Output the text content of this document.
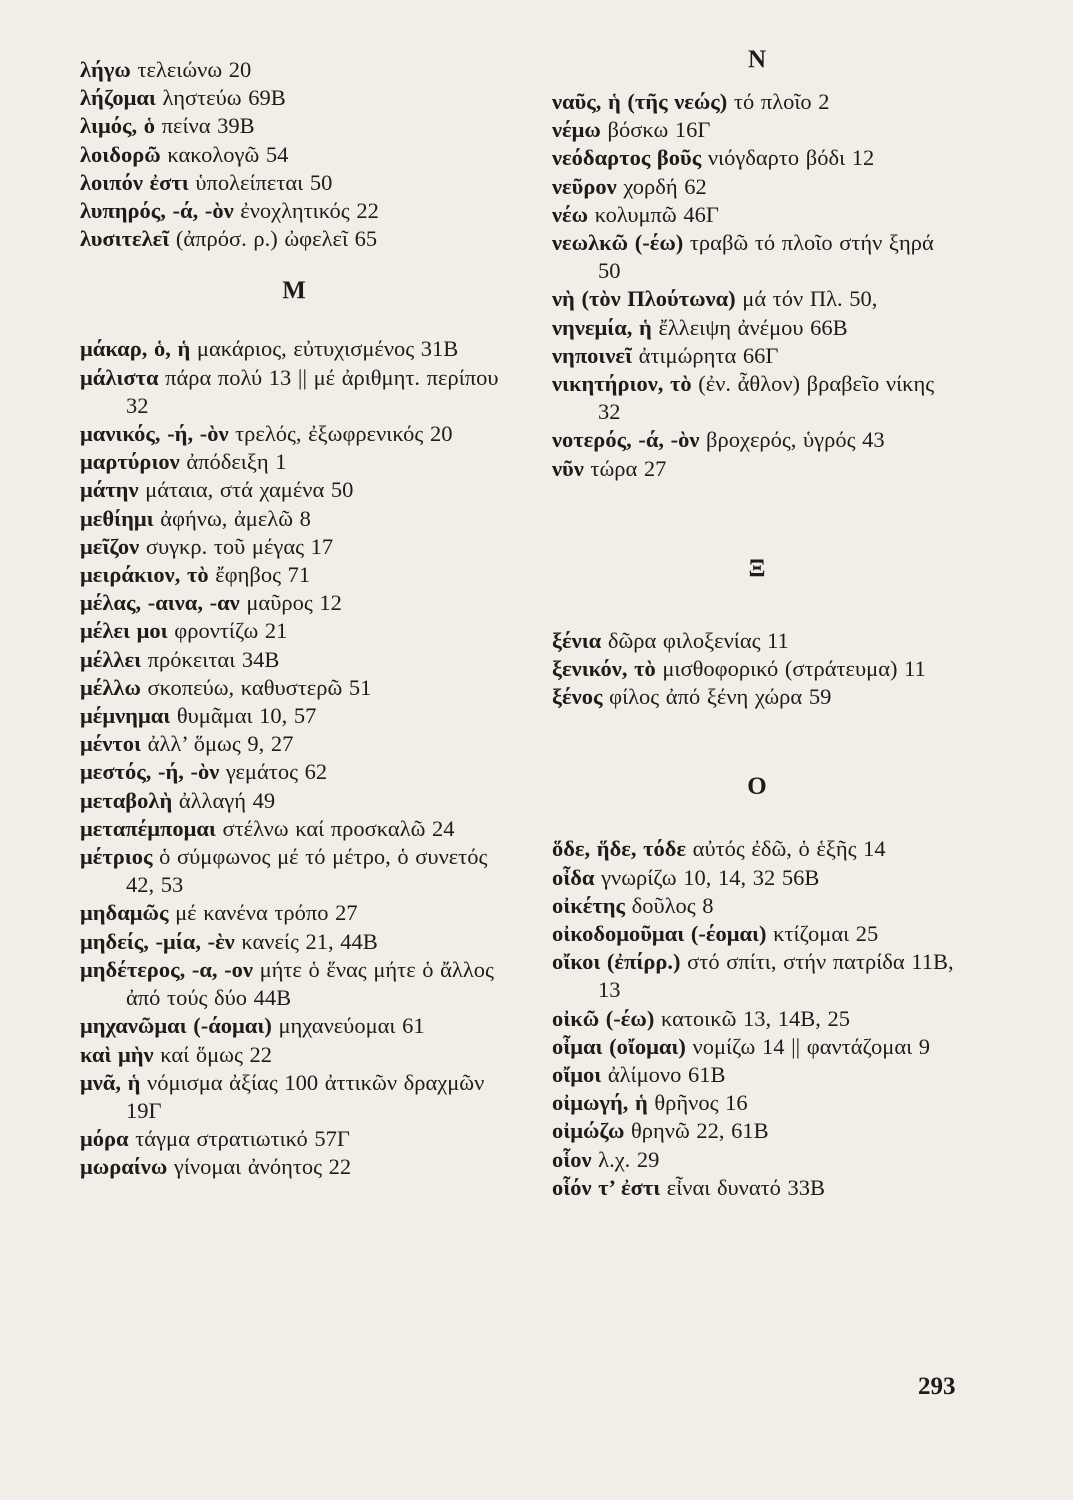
λήγω τελειώνω 20
λήζομαι ληστεύω 69Β
λιμός, ὁ πείνα 39Β
λοιδορῶ κακολογῶ 54
λοιπόν ἐστι ὑπολείπεται 50
λυπηρός, -ά, -ὸν ἐνοχλητικός 22
λυσιτελεῖ (ἀπρόσ. ρ.) ὠφελεῖ 65
Μ
μάκαρ, ὁ, ἡ μακάριος, εὐτυχισμένος 31Β
μάλιστα πάρα πολύ 13 || μέ ἀριθμητ. περίπου 32
μανικός, -ή, -ὸν τρελός, ἐξωφρενικός 20
μαρτύριον ἀπόδειξη 1
μάτην μάταια, στά χαμένα 50
μεθίημι ἀφήνω, ἀμελῶ 8
μεῖζον συγκρ. τοῦ μέγας 17
μειράκιον, τὸ ἔφηβος 71
μέλας, -αινα, -αν μαῦρος 12
μέλει μοι φροντίζω 21
μέλλει πρόκειται 34Β
μέλλω σκοπεύω, καθυστερῶ 51
μέμνημαι θυμᾶμαι 10, 57
μέντοι ἀλλ’ ὅμως 9, 27
μεστός, -ή, -ὸν γεμάτος 62
μεταβολὴ ἀλλαγή 49
μεταπέμπομαι στέλνω καί προσκαλῶ 24
μέτριος ὁ σύμφωνος μέ τό μέτρο, ὁ συνετός 42, 53
μηδαμῶς μέ κανένα τρόπο 27
μηδείς, -μία, -ὲν κανείς 21, 44Β
μηδέτερος, -α, -ον μήτε ὁ ἕνας μήτε ὁ ἄλλος ἀπό τούς δύο 44Β
μηχανῶμαι (-άομαι) μηχανεύομαι 61
καὶ μὴν καί ὅμως 22
μνᾶ, ἡ νόμισμα ἀξίας 100 ἀττικῶν δραχμῶν 19Γ
μόρα τάγμα στρατιωτικό 57Γ
μωραίνω γίνομαι ἀνόητος 22
Ν
ναῦς, ἡ (τῆς νεώς) τό πλοῖο 2
νέμω βόσκω 16Γ
νεόδαρτος βοῦς νιόγδαρτο βόδι 12
νεῦρον χορδή 62
νέω κολυμπῶ 46Γ
νεωλκῶ (-έω) τραβῶ τό πλοῖο στήν ξηρά 50
νὴ (τὸν Πλούτωνα) μά τόν Πλ. 50,
νηνεμία, ἡ ἔλλειψη ἀνέμου 66Β
νηποινεῖ ἀτιμώρητα 66Γ
νικητήριον, τὸ (ἐν. ἆθλον) βραβεῖο νίκης 32
νοτερός, -ά, -ὸν βροχερός, ὑγρός 43
νῦν τώρα 27
Ξ
ξένια δῶρα φιλοξενίας 11
ξενικόν, τὸ μισθοφορικό (στράτευμα) 11
ξένος φίλος ἀπό ξένη χώρα 59
Ο
ὅδε, ἥδε, τόδε αὐτός ἐδῶ, ὁ ἑξῆς 14
οἶδα γνωρίζω 10, 14, 32 56Β
οἰκέτης δοῦλος 8
οἰκοδομοῦμαι (-έομαι) κτίζομαι 25
οἴκοι (ἐπίρρ.) στό σπίτι, στήν πατρίδα 11Β, 13
οἰκῶ (-έω) κατοικῶ 13, 14Β, 25
οἶμαι (οἴομαι) νομίζω 14 || φαντάζομαι 9
οἴμοι ἀλίμονο 61Β
οἰμωγή, ἡ θρῆνος 16
οἰμώζω θρηνῶ 22, 61Β
οἷον λ.χ. 29
οἷόν τ’ ἐστι εἶναι δυνατό 33Β
293
